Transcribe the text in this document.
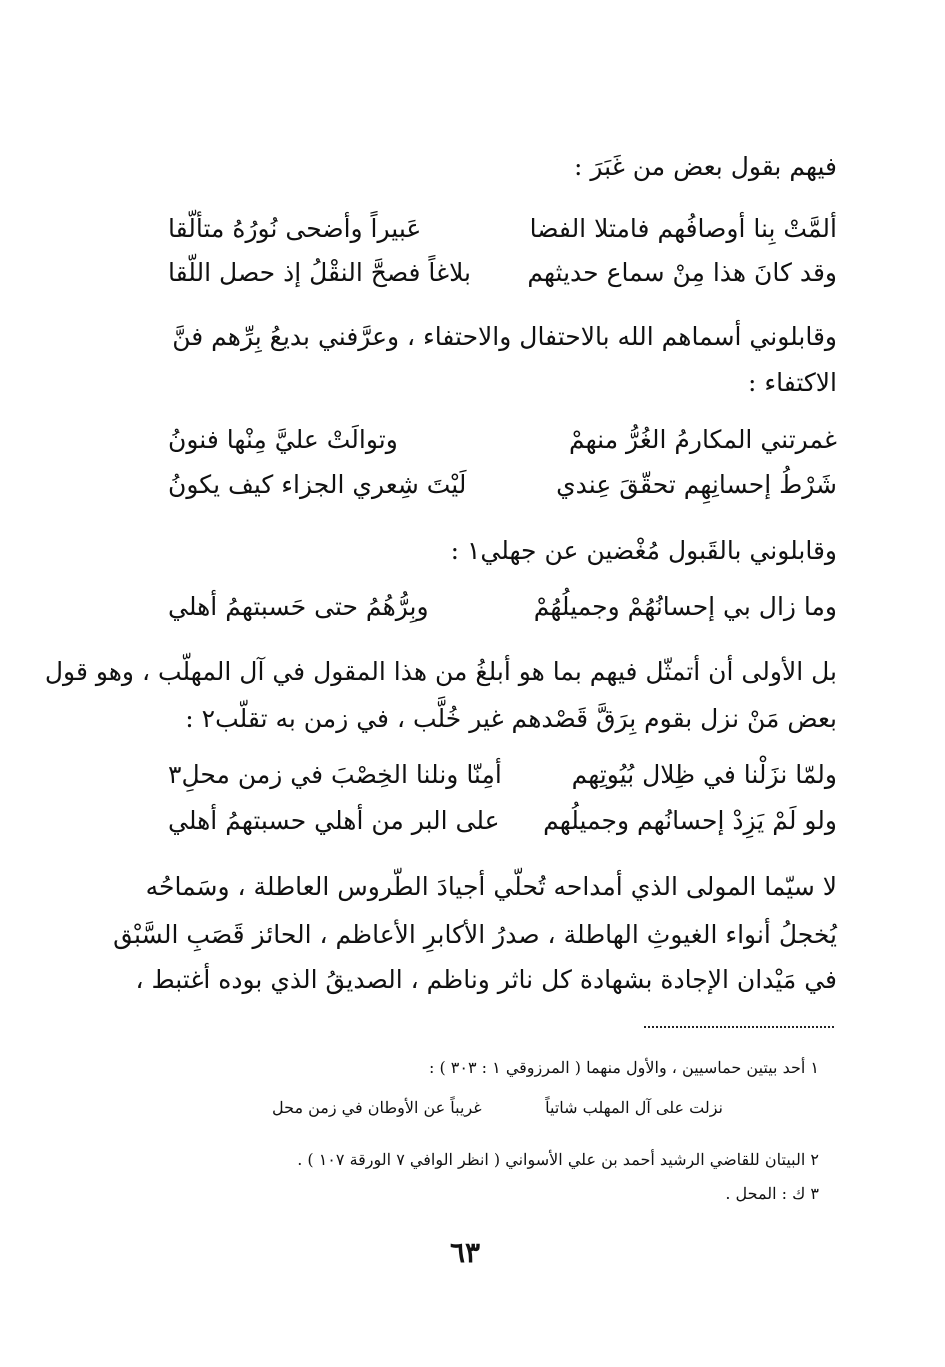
فيهم بقول بعض من غَبَرَ :
ألمَّتْ بِنا أوصافُهم فامتلا الفضا
عَبيراً وأضحى نُورُهُ متألّقا
وقد كانَ هذا مِنْ سماع حديثهم
بلاغاً فصحَّ النقْلُ إذ حصل اللّقا
وقابلوني أسماهم الله بالاحتفال والاحتفاء ، وعرَّفني بديعُ بِرِّهم فنَّ
الاكتفاء :
غمرتني المكارمُ الغُرُّ منهمْ
وتوالَتْ عليَّ مِنْها فنونُ
شَرْطُ إحسانِهِم تحقّقَ عِندي
لَيْتَ شِعري الجزاء كيف يكونُ
وقابلوني بالقَبول مُغْضين عن جهلي١ :
وما زال بي إحسانُهُمْ وجميلُهُمْ
وبِرُّهُمُ حتى حَسبتهمُ أهلي
بل الأولى أن أتمثّل فيهم بما هو أبلغُ من هذا المقول في آل المهلّب ، وهو قول
بعض مَنْ نزل بقوم بِرَقَّ قَصْدهم غير خُلَّب ، في زمن به تقلّب٢ :
ولمّا نزَلْنا في ظِلال بُيُوتِهم
أمِنّا ونلنا الخِصْبَ في زمن محلِ٣
ولو لَمْ يَزِدْ إحسانُهم وجميلُهم
على البر من أهلي حسبتهمُ أهلي
لا سيّما المولى الذي أمداحه تُحلّي أجيادَ الطّروس العاطلة ، وسَماحُه
يُخجلُ أنواء الغيوثِ الهاطلة ، صدرُ الأكابرِ الأعاظم ، الحائز قَصَبِ السَّبْق
في مَيْدان الإجادة بشهادة كل ناثر وناظم ، الصديقُ الذي بوده أغتبط ،
١ أحد بيتين حماسيين ، والأول منهما ( المرزوقي ١ : ٣٠٣ ) :
نزلت على آل المهلب شاتياً
غريباً عن الأوطان في زمن محل
٢ البيتان للقاضي الرشيد أحمد بن علي الأسواني ( انظر الوافي ٧ الورقة ١٠٧ ) .
٣ ك : المحل .
٦٣
